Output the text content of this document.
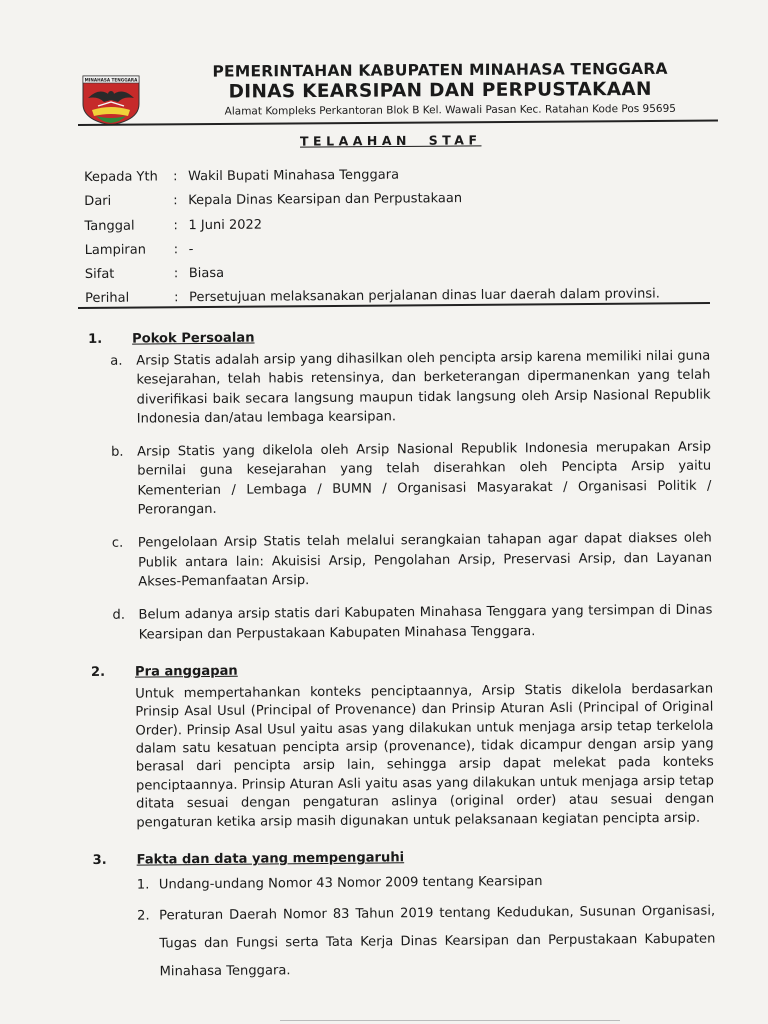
MINAHASA TENGGARA	PEMERINTAHAN KABUPATEN MINAHASA TENGGARA
DINAS KEARSIPAN DAN PERPUSTAKAAN
Alamat Kompleks Perkantoran Blok B Kel. Wawali Pasan Kec. Ratahan Kode Pos 95695
TELAAHAN  STAF
Kepada Yth : Wakil Bupati Minahasa Tenggara
Dari	: Kepala Dinas Kearsipan dan Perpustakaan
Tanggal	: 1 Juni 2022
Lampiran : -
Sifat	: Biasa
Perihal	: Persetujuan melaksanakan perjalanan dinas luar daerah dalam provinsi.
1. Pokok Persoalan
a. Arsip Statis adalah arsip yang dihasilkan oleh pencipta arsip karena memiliki nilai guna kesejarahan, telah habis retensinya, dan berketerangan dipermanenkan yang telah diverifikasi baik secara langsung maupun tidak langsung oleh Arsip Nasional Republik Indonesia dan/atau lembaga kearsipan.
b. Arsip Statis yang dikelola oleh Arsip Nasional Republik Indonesia merupakan Arsip bernilai guna kesejarahan yang telah diserahkan oleh Pencipta Arsip yaitu Kementerian / Lembaga / BUMN / Organisasi Masyarakat / Organisasi Politik / Perorangan.
c. Pengelolaan Arsip Statis telah melalui serangkaian tahapan agar dapat diakses oleh Publik antara lain: Akuisisi Arsip, Pengolahan Arsip, Preservasi Arsip, dan Layanan Akses-Pemanfaatan Arsip.
d. Belum adanya arsip statis dari Kabupaten Minahasa Tenggara yang tersimpan di Dinas Kearsipan dan Perpustakaan Kabupaten Minahasa Tenggara.
2. Pra anggapan
Untuk mempertahankan konteks penciptaannya, Arsip Statis dikelola berdasarkan Prinsip Asal Usul (Principal of Provenance) dan Prinsip Aturan Asli (Principal of Original Order). Prinsip Asal Usul yaitu asas yang dilakukan untuk menjaga arsip tetap terkelola dalam satu kesatuan pencipta arsip (provenance), tidak dicampur dengan arsip yang berasal dari pencipta arsip lain, sehingga arsip dapat melekat pada konteks penciptaannya. Prinsip Aturan Asli yaitu asas yang dilakukan untuk menjaga arsip tetap ditata sesuai dengan pengaturan aslinya (original order) atau sesuai dengan pengaturan ketika arsip masih digunakan untuk pelaksanaan kegiatan pencipta arsip.
3. Fakta dan data yang mempengaruhi
1. Undang-undang Nomor 43 Nomor 2009 tentang Kearsipan
2. Peraturan Daerah Nomor 83 Tahun 2019 tentang Kedudukan, Susunan Organisasi, Tugas dan Fungsi serta Tata Kerja Dinas Kearsipan dan Perpustakaan Kabupaten Minahasa Tenggara.
